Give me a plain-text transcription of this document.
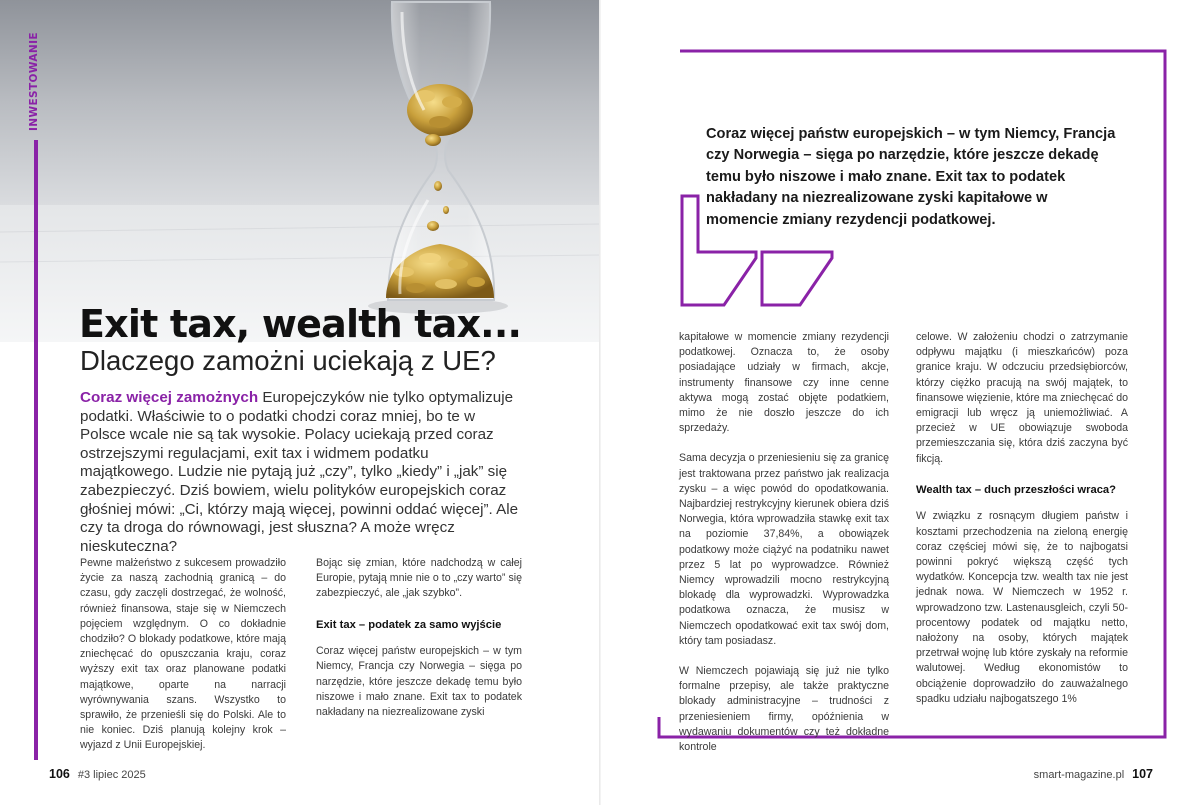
INWESTOWANIE
Exit tax, wealth tax...
Dlaczego zamożni uciekają z UE?

Coraz więcej zamożnych Europejczyków nie tylko optymalizuje podatki. Właściwie to o podatki chodzi coraz mniej, bo te w Polsce wcale nie są tak wysokie. Polacy uciekają przed coraz ostrzejszymi regulacjami, exit tax i widmem podatku majątkowego. Ludzie nie pytają już „czy”, tylko „kiedy” i „jak” się zabezpieczyć. Dziś bowiem, wielu polityków europejskich coraz głośniej mówi: „Ci, którzy mają więcej, powinni oddać więcej”. Ale czy ta droga do równowagi, jest słuszna? A może wręcz nieskuteczna?

Pewne małżeństwo z sukcesem prowadziło życie za naszą zachodnią granicą – do czasu, gdy zaczęli dostrzegać, że wolność, również finansowa, staje się w Niemczech pojęciem względnym. O co dokładnie chodziło? O blokady podatkowe, które mają zniechęcać do opuszczania kraju, coraz wyższy exit tax oraz planowane podatki majątkowe, oparte na narracji wyrównywania szans. Wszystko to sprawiło, że przenieśli się do Polski. Ale to nie koniec. Dziś planują kolejny krok – wyjazd z Unii Europejskiej.

Bojąc się zmian, które nadchodzą w całej Europie, pytają mnie nie o to „czy warto” się zabezpieczyć, ale „jak szybko”.

Exit tax – podatek za samo wyjście

Coraz więcej państw europejskich – w tym Niemcy, Francja czy Norwegia – sięga po narzędzie, które jeszcze dekadę temu było niszowe i mało znane. Exit tax to podatek nakładany na niezrealizowane zyski

106 #3 lipiec 2025

Coraz więcej państw europejskich – w tym Niemcy, Francja czy Norwegia – sięga po narzędzie, które jeszcze dekadę temu było niszowe i mało znane. Exit tax to podatek nakładany na niezrealizowane zyski kapitałowe w momencie zmiany rezydencji podatkowej.

kapitałowe w momencie zmiany rezydencji podatkowej. Oznacza to, że osoby posiadające udziały w firmach, akcje, instrumenty finansowe czy inne cenne aktywa mogą zostać objęte podatkiem, mimo że nie doszło jeszcze do ich sprzedaży.

Sama decyzja o przeniesieniu się za granicę jest traktowana przez państwo jak realizacja zysku – a więc powód do opodatkowania. Najbardziej restrykcyjny kierunek obiera dziś Norwegia, która wprowadziła stawkę exit tax na poziomie 37,84%, a obowiązek podatkowy może ciążyć na podatniku nawet przez 5 lat po wyprowadzce. Również Niemcy wprowadzili mocno restrykcyjną blokadę dla wyprowadzki. Wyprowadzka podatkowa oznacza, że musisz w Niemczech opodatkować exit tax swój dom, który tam posiadasz.

W Niemczech pojawiają się już nie tylko formalne przepisy, ale także praktyczne blokady administracyjne – trudności z przeniesieniem firmy, opóźnienia w wydawaniu dokumentów czy też dokładne kontrole

celowe. W założeniu chodzi o zatrzymanie odpływu majątku (i mieszkańców) poza granice kraju. W odczuciu przedsiębiorców, którzy ciężko pracują na swój majątek, to finansowe więzienie, które ma zniechęcać do emigracji lub wręcz ją uniemożliwiać. A przecież w UE obowiązuje swoboda przemieszczania się, która dziś zaczyna być fikcją.

Wealth tax – duch przeszłości wraca?

W związku z rosnącym długiem państw i kosztami przechodzenia na zieloną energię coraz częściej mówi się, że to najbogatsi powinni pokryć większą część tych wydatków. Koncepcja tzw. wealth tax nie jest jednak nowa. W Niemczech w 1952 r. wprowadzono tzw. Lastenausgleich, czyli 50-procentowy podatek od majątku netto, nałożony na osoby, których majątek przetrwał wojnę lub które zyskały na reformie walutowej. Według ekonomistów to obciążenie doprowadziło do zauważalnego spadku udziału najbogatszego 1%

smart-magazine.pl 107
